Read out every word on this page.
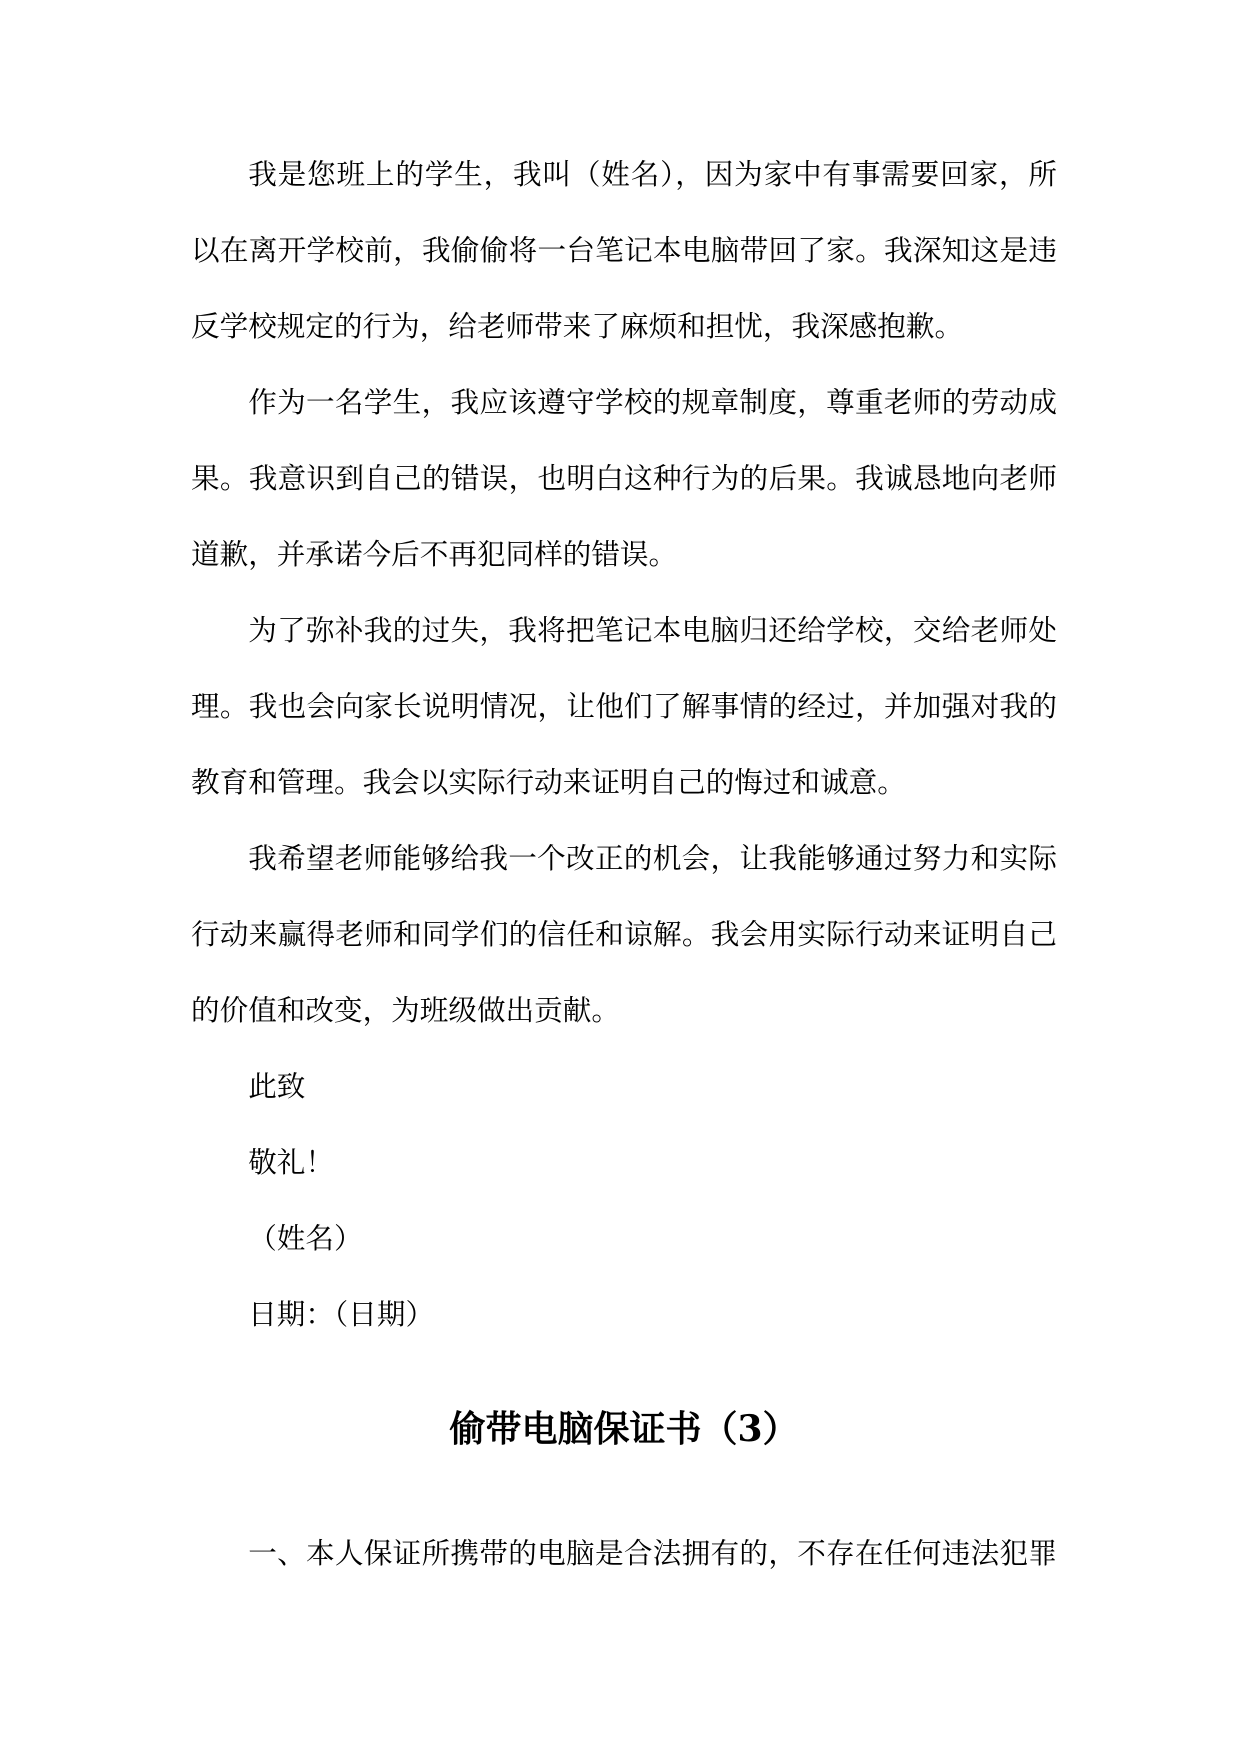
我是您班上的学生，我叫（姓名），因为家中有事需要回家，所
以在离开学校前，我偷偷将一台笔记本电脑带回了家。我深知这是违
反学校规定的行为，给老师带来了麻烦和担忧，我深感抱歉。
作为一名学生，我应该遵守学校的规章制度，尊重老师的劳动成
果。我意识到自己的错误，也明白这种行为的后果。我诚恳地向老师
道歉，并承诺今后不再犯同样的错误。
为了弥补我的过失，我将把笔记本电脑归还给学校，交给老师处
理。我也会向家长说明情况，让他们了解事情的经过，并加强对我的
教育和管理。我会以实际行动来证明自己的悔过和诚意。
我希望老师能够给我一个改正的机会，让我能够通过努力和实际
行动来赢得老师和同学们的信任和谅解。我会用实际行动来证明自己
的价值和改变，为班级做出贡献。
此致
敬礼！
（姓名）
日期：（日期）
偷带电脑保证书（3）
一、本人保证所携带的电脑是合法拥有的，不存在任何违法犯罪
